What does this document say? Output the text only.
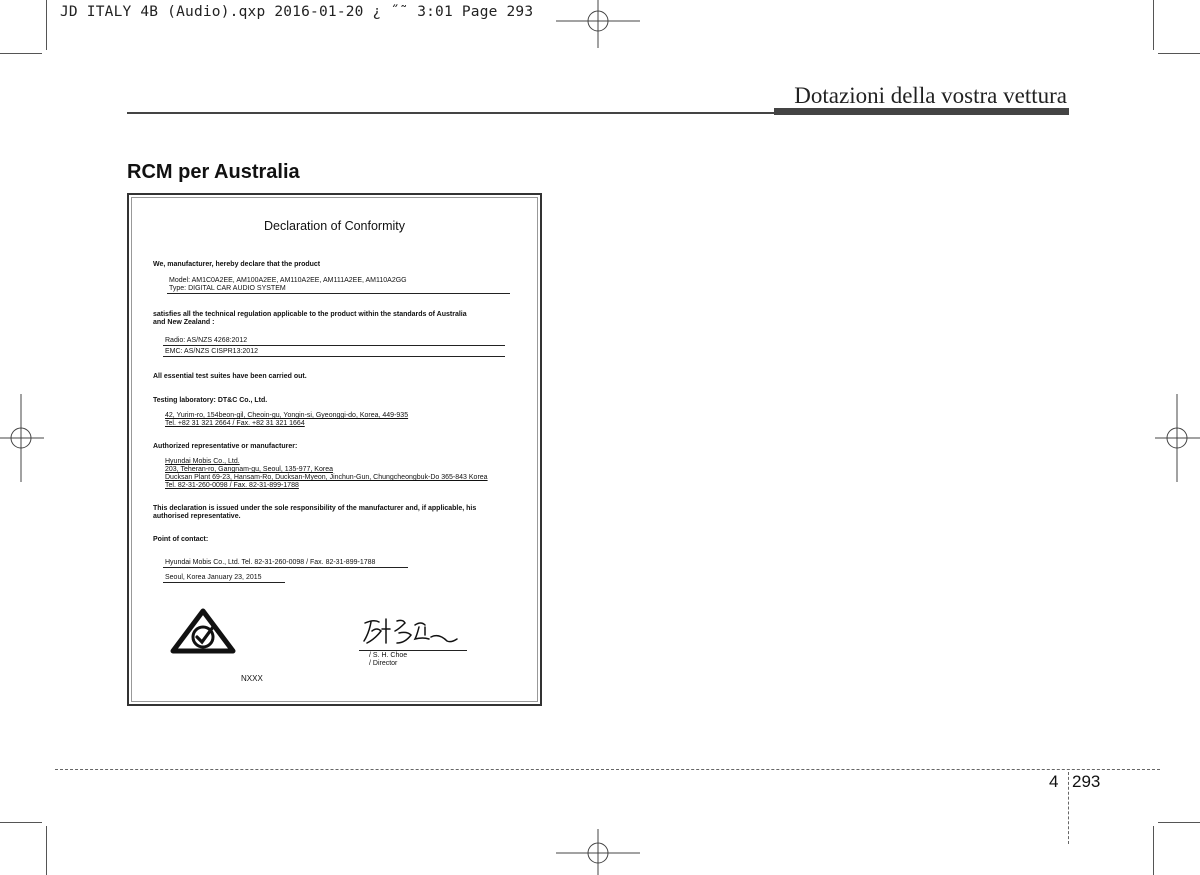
JD ITALY 4B (Audio).qxp 2016-01-20 ¿ ˝˜ 3:01 Page 293
Dotazioni della vostra vettura
RCM per Australia
Declaration of Conformity
We, manufacturer, hereby declare that the product
Model: AM1C0A2EE, AM100A2EE, AM110A2EE, AM111A2EE, AM110A2GG
Type: DIGITAL CAR AUDIO SYSTEM
satisfies all the technical regulation applicable to the product within the standards of Australia
and New Zealand :
Radio: AS/NZS 4268:2012
EMC: AS/NZS CISPR13:2012
All essential test suites have been carried out.
Testing laboratory: DT&C Co., Ltd.
42, Yurim-ro, 154beon-gil, Cheoin-gu, Yongin-si, Gyeonggi-do, Korea, 449-935
Tel. +82 31 321 2664 / Fax. +82 31 321 1664
Authorized representative or manufacturer:
Hyundai Mobis Co., Ltd.
203, Teheran-ro, Gangnam-gu, Seoul, 135-977, Korea
Ducksan Plant 69-23, Hansam-Ro, Ducksan-Myeon, Jinchun-Gun, Chungcheongbuk-Do 365-843 Korea
Tel. 82-31-260-0098 / Fax. 82-31-899-1788
This declaration is issued under the sole responsibility of the manufacturer and, if applicable, his
authorised representative.
Point of contact:
Hyundai Mobis Co., Ltd. Tel. 82-31-260-0098 / Fax. 82-31-899-1788
Seoul, Korea January 23, 2015
/ S. H. Choe
/ Director
NXXX
4 293
